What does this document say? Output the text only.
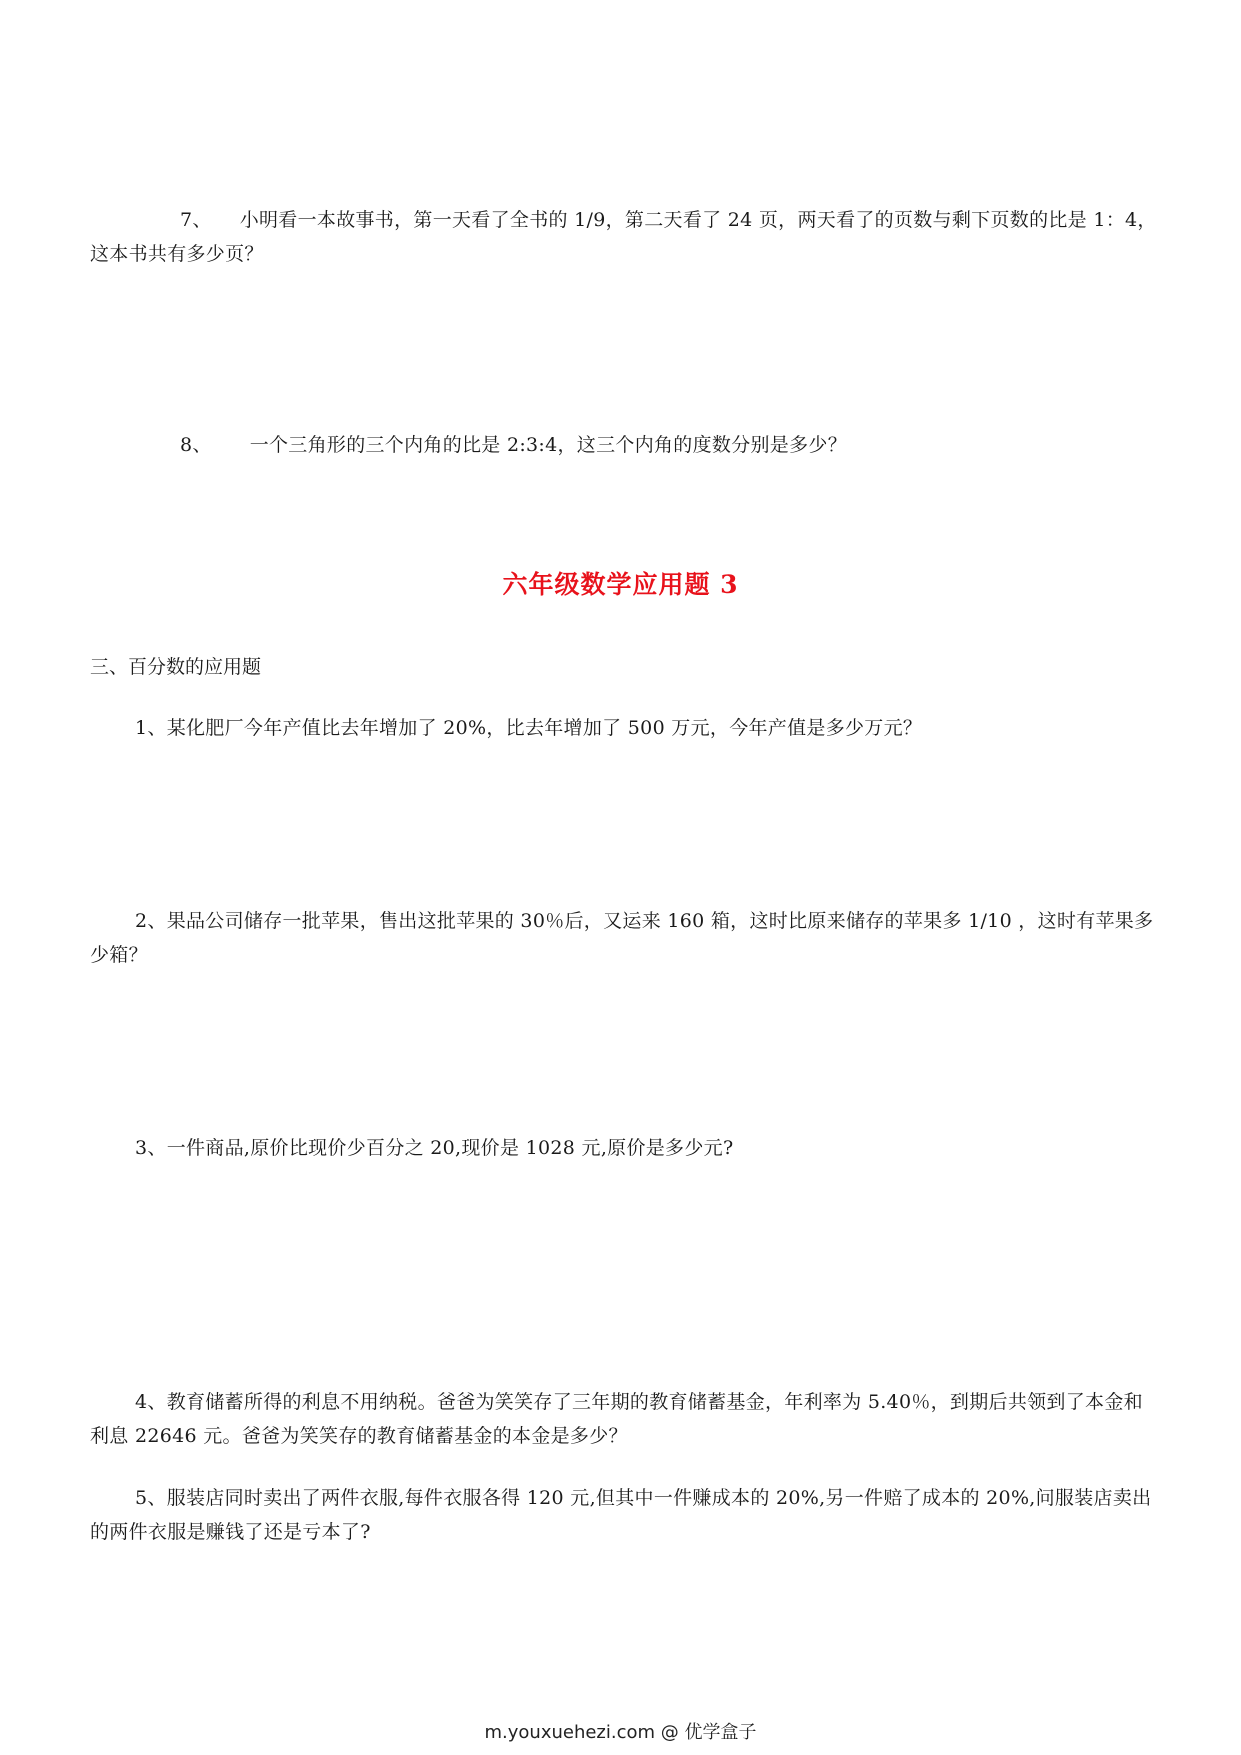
7、 小明看一本故事书，第一天看了全书的 1/9，第二天看了 24 页，两天看了的页数与剩下页数的比是 1：4，这本书共有多少页？

8、 一个三角形的三个内角的比是 2:3:4，这三个内角的度数分别是多少？

六年级数学应用题 3

三、百分数的应用题

1、某化肥厂今年产值比去年增加了 20%，比去年增加了 500 万元，今年产值是多少万元？

2、果品公司储存一批苹果，售出这批苹果的 30％后，又运来 160 箱，这时比原来储存的苹果多 1/10 ，这时有苹果多少箱？

3、一件商品,原价比现价少百分之 20,现价是 1028 元,原价是多少元?

4、教育储蓄所得的利息不用纳税。爸爸为笑笑存了三年期的教育储蓄基金，年利率为 5.40％，到期后共领到了本金和利息 22646 元。爸爸为笑笑存的教育储蓄基金的本金是多少？

5、服装店同时卖出了两件衣服,每件衣服各得 120 元,但其中一件赚成本的 20%,另一件赔了成本的 20%,问服装店卖出的两件衣服是赚钱了还是亏本了?

m.youxuehezi.com @ 优学盒子
